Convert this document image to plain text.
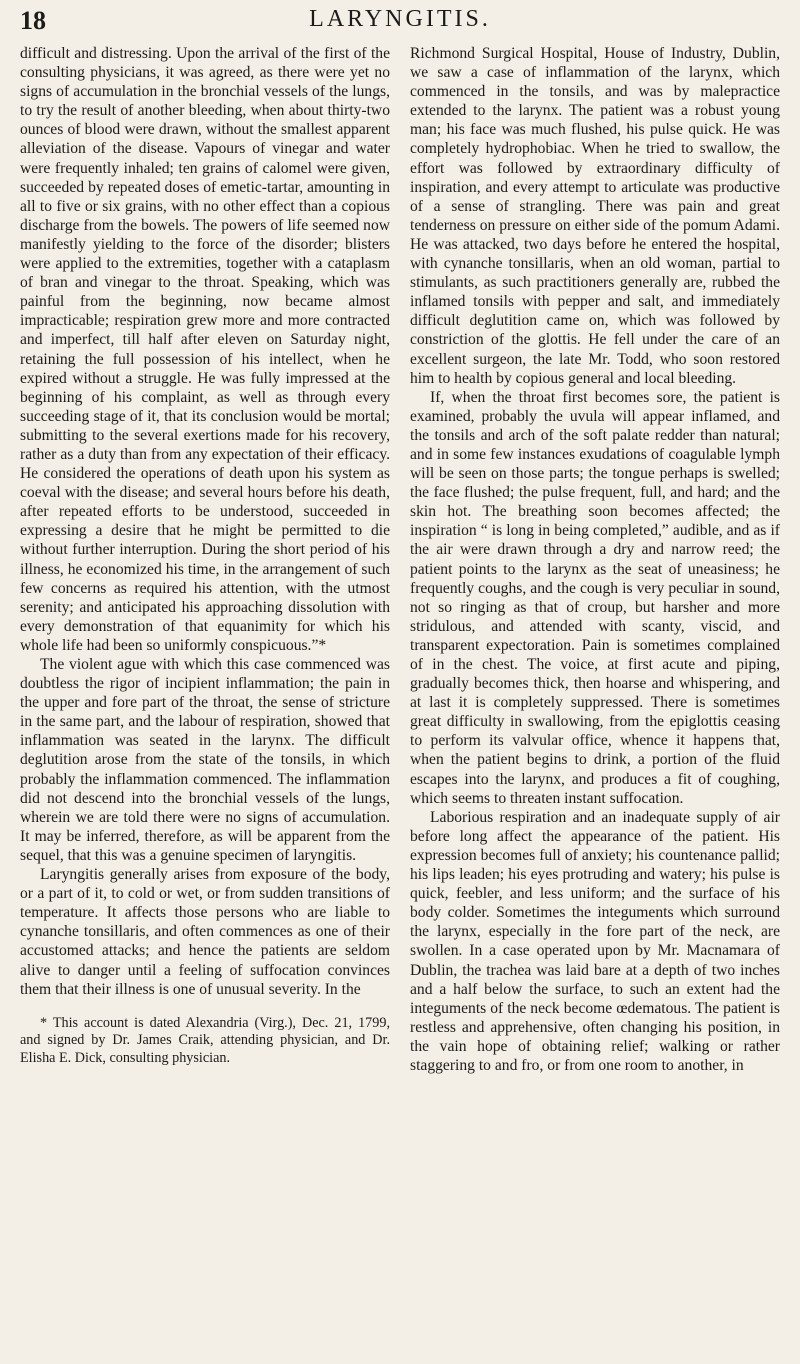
18	LARYNGITIS.

difficult and distressing. Upon the arrival of the first of the consulting physicians, it was agreed, as there were yet no signs of accumulation in the bronchial vessels of the lungs, to try the result of another bleeding, when about thirty-two ounces of blood were drawn, without the smallest apparent alleviation of the disease. Vapours of vinegar and water were frequently inhaled; ten grains of calomel were given, succeeded by repeated doses of emetic-tartar, amounting in all to five or six grains, with no other effect than a copious discharge from the bowels. The powers of life seemed now manifestly yielding to the force of the disorder; blisters were applied to the extremities, together with a cataplasm of bran and vinegar to the throat. Speaking, which was painful from the beginning, now became almost impracticable; respiration grew more and more contracted and imperfect, till half after eleven on Saturday night, retaining the full possession of his intellect, when he expired without a struggle. He was fully impressed at the beginning of his complaint, as well as through every succeeding stage of it, that its conclusion would be mortal; submitting to the several exertions made for his recovery, rather as a duty than from any expectation of their efficacy. He considered the operations of death upon his system as coeval with the disease; and several hours before his death, after repeated efforts to be understood, succeeded in expressing a desire that he might be permitted to die without further interruption. During the short period of his illness, he economized his time, in the arrangement of such few concerns as required his attention, with the utmost serenity; and anticipated his approaching dissolution with every demonstration of that equanimity for which his whole life had been so uniformly conspicuous.”*

The violent ague with which this case commenced was doubtless the rigor of incipient inflammation; the pain in the upper and fore part of the throat, the sense of stricture in the same part, and the labour of respiration, showed that inflammation was seated in the larynx. The difficult deglutition arose from the state of the tonsils, in which probably the inflammation commenced. The inflammation did not descend into the bronchial vessels of the lungs, wherein we are told there were no signs of accumulation. It may be inferred, therefore, as will be apparent from the sequel, that this was a genuine specimen of laryngitis.

Laryngitis generally arises from exposure of the body, or a part of it, to cold or wet, or from sudden transitions of temperature. It affects those persons who are liable to cynanche tonsillaris, and often commences as one of their accustomed attacks; and hence the patients are seldom alive to danger until a feeling of suffocation convinces them that their illness is one of unusual severity. In the

* This account is dated Alexandria (Virg.), Dec. 21, 1799, and signed by Dr. James Craik, attending physician, and Dr. Elisha E. Dick, consulting physician.

Richmond Surgical Hospital, House of Industry, Dublin, we saw a case of inflammation of the larynx, which commenced in the tonsils, and was by malepractice extended to the larynx. The patient was a robust young man; his face was much flushed, his pulse quick. He was completely hydrophobiac. When he tried to swallow, the effort was followed by extraordinary difficulty of inspiration, and every attempt to articulate was productive of a sense of strangling. There was pain and great tenderness on pressure on either side of the pomum Adami. He was attacked, two days before he entered the hospital, with cynanche tonsillaris, when an old woman, partial to stimulants, as such practitioners generally are, rubbed the inflamed tonsils with pepper and salt, and immediately difficult deglutition came on, which was followed by constriction of the glottis. He fell under the care of an excellent surgeon, the late Mr. Todd, who soon restored him to health by copious general and local bleeding.

If, when the throat first becomes sore, the patient is examined, probably the uvula will appear inflamed, and the tonsils and arch of the soft palate redder than natural; and in some few instances exudations of coagulable lymph will be seen on those parts; the tongue perhaps is swelled; the face flushed; the pulse frequent, full, and hard; and the skin hot. The breathing soon becomes affected; the inspiration “ is long in being completed,” audible, and as if the air were drawn through a dry and narrow reed; the patient points to the larynx as the seat of uneasiness; he frequently coughs, and the cough is very peculiar in sound, not so ringing as that of croup, but harsher and more stridulous, and attended with scanty, viscid, and transparent expectoration. Pain is sometimes complained of in the chest. The voice, at first acute and piping, gradually becomes thick, then hoarse and whispering, and at last it is completely suppressed. There is sometimes great difficulty in swallowing, from the epiglottis ceasing to perform its valvular office, whence it happens that, when the patient begins to drink, a portion of the fluid escapes into the larynx, and produces a fit of coughing, which seems to threaten instant suffocation.

Laborious respiration and an inadequate supply of air before long affect the appearance of the patient. His expression becomes full of anxiety; his countenance pallid; his lips leaden; his eyes protruding and watery; his pulse is quick, feebler, and less uniform; and the surface of his body colder. Sometimes the integuments which surround the larynx, especially in the fore part of the neck, are swollen. In a case operated upon by Mr. Macnamara of Dublin, the trachea was laid bare at a depth of two inches and a half below the surface, to such an extent had the integuments of the neck become œdematous. The patient is restless and apprehensive, often changing his position, in the vain hope of obtaining relief; walking or rather staggering to and fro, or from one room to another, in
